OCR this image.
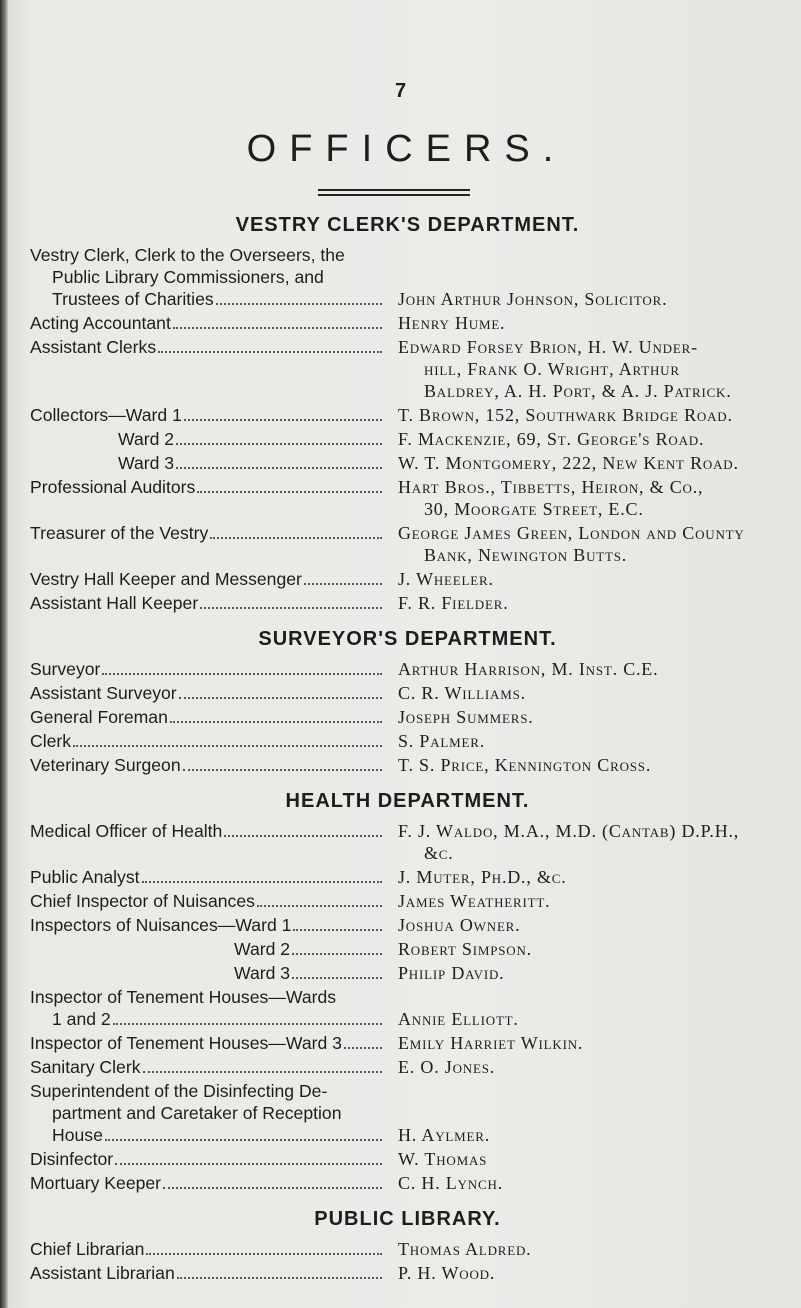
7
OFFICERS.
VESTRY CLERK'S DEPARTMENT.
Vestry Clerk, Clerk to the Overseers, the
Public Library Commissioners, and
Trustees of Charities	John Arthur Johnson, Solicitor.
Acting Accountant	Henry Hume.
Assistant Clerks	Edward Forsey Brion, H. W. Under-
hill, Frank O. Wright, Arthur
Baldrey, A. H. Port, & A. J. Patrick.
Collectors—Ward 1	T. Brown, 152, Southwark Bridge Road.
Ward 2	F. Mackenzie, 69, St. George's Road.
Ward 3	W. T. Montgomery, 222, New Kent Road.
Professional Auditors	Hart Bros., Tibbetts, Heiron, & Co.,
30, Moorgate Street, E.C.
Treasurer of the Vestry	George James Green, London and County
Bank, Newington Butts.
Vestry Hall Keeper and Messenger	J. Wheeler.
Assistant Hall Keeper	F. R. Fielder.
SURVEYOR'S DEPARTMENT.
Surveyor	Arthur Harrison, M. Inst. C.E.
Assistant Surveyor	C. R. Williams.
General Foreman	Joseph Summers.
Clerk	S. Palmer.
Veterinary Surgeon	T. S. Price, Kennington Cross.
HEALTH DEPARTMENT.
Medical Officer of Health	F. J. Waldo, M.A., M.D. (Cantab) D.P.H.,
&c.
Public Analyst	J. Muter, Ph.D., &c.
Chief Inspector of Nuisances	James Weatheritt.
Inspectors of Nuisances—Ward 1	Joshua Owner.
Ward 2	Robert Simpson.
Ward 3	Philip David.
Inspector of Tenement Houses—Wards
1 and 2	Annie Elliott.
Inspector of Tenement Houses—Ward 3	Emily Harriet Wilkin.
Sanitary Clerk	E. O. Jones.
Superintendent of the Disinfecting De-
partment and Caretaker of Reception
House	H. Aylmer.
Disinfector	W. Thomas
Mortuary Keeper	C. H. Lynch.
PUBLIC LIBRARY.
Chief Librarian	Thomas Aldred.
Assistant Librarian	P. H. Wood.
